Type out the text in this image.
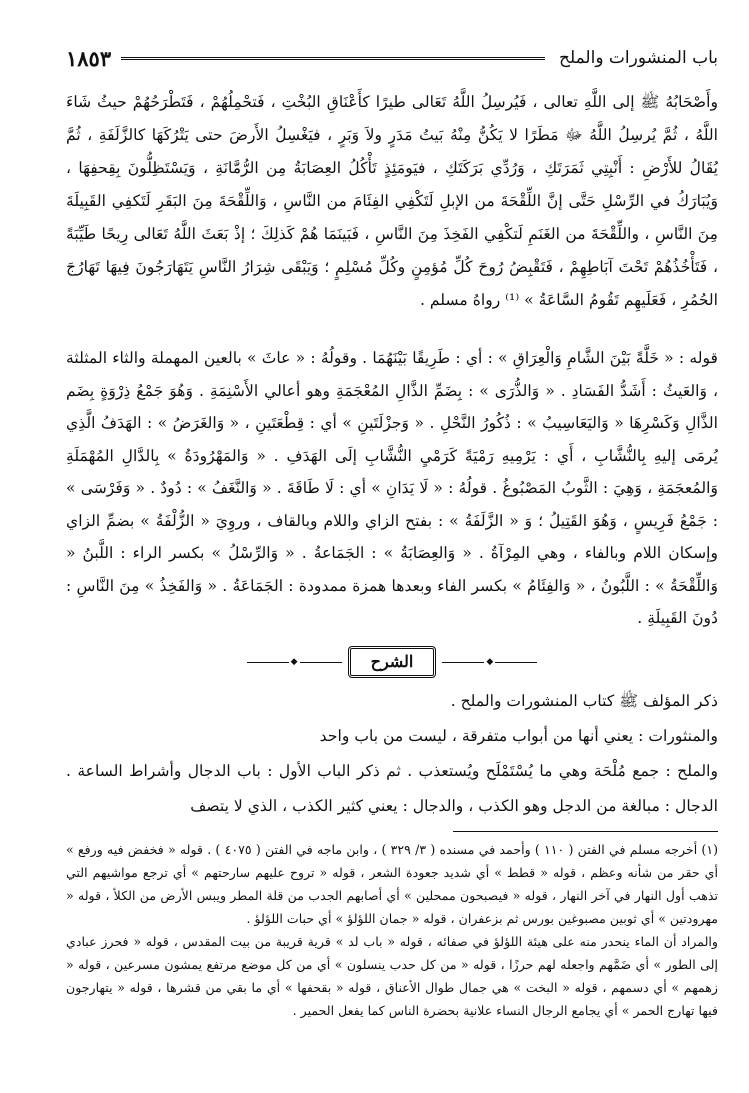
باب المنشورات والملح
١٨٥٣

وأَصْحَابُهُ ﷺ إلى اللَّهِ تعالى ، فَيُرسِلُ اللَّهُ تَعَالى طيرًا كأَعْنَاقِ البُخْتِ ، فَتحْمِلُهُمْ ، فَتَطْرَحُهُمْ حيثُ شَاءَ اللَّهُ ، ثُمَّ يُرسِلُ اللَّهُ ﷻ مَطَرًا لا يَكُنُّ مِنْهُ بَيتُ مَدَرٍ ولاَ وَبَرٍ ، فيَغْسِلُ الأَرضَ حتى يَتْرُكَهَا كالزَّلَفَةِ ، ثُمَّ يُقَالُ للأَرْضِ : أَنْبِتِي ثَمَرَتَكِ ، وَرُدِّي بَرَكَتَكِ ، فيَومَئِذٍ تَأْكُلُ العِصَابَةُ مِن الرُّمَّانَةِ ، وَيَسْتَظِلُّونَ بِقِحفِهَا ، وَيُبَارَكُ في الرِّسْلِ حَتَّى إنَّ اللِّقْحَةَ من الإبلِ لَتَكْفِي الفِئَامَ من النَّاسِ ، وَاللِّقْحَةَ مِنَ البَقَرِ لَتَكفِي القَبِيلَةَ مِنَ النَّاسِ ، واللِّقْحَةَ من الغَنَمِ لَتكْفِي الفَخِذَ مِنَ النَّاسِ ، فَبَينَمَا هُمْ كَذلِكَ ؛ إذْ بَعَثَ اللَّهُ تَعَالى رِيحًا طَيِّبَةً ، فَتَأْخُذُهُمْ تَحْتَ آبَاطِهِمْ ، فَتَقْبِضُ رُوحَ كُلِّ مُؤمِنٍ وكُلِّ مُسْلِمٍ ؛ وَيَبْقَى شِرَارُ النَّاسِ يَتَهَارَجُونَ فِيهَا تَهَارُجَ الحُمُرِ ، فَعَلَيهِم تَقُومُ السَّاعَةُ » ⁽¹⁾ رواهُ مسلم .

قوله : « خَلَّةً بَيْنَ الشَّامِ وَالْعِرَاقِ » : أي : طَرِيقًا بَيْنَهُمَا . وقولُهُ : « عاثَ » بالعين المهملة والثاء المثلثة ، وَالعَيثُ : أَشَدُّ الفَسَادِ . « وَالذُّرَى » : بِضَمِّ الذَّالِ المُعْجَمَةِ وهو أعالي الأَسْنِمَةِ . وَهُوَ جَمْعُ ذِرْوَةٍ بِضَم الذَّالِ وَكَسْرِهَا « وَاليَعَاسِيبُ » : ذُكُورُ النَّحْلِ . « وَجزْلَتَينِ » أي : قِطْعَتَينِ ، « وَالغَرَضُ » : الهَدَفُ الَّذِي يُرمَى إليهِ بِالنُّشَّابِ ، أَي : يَرْمِيهِ رَمْيَةً كَرَمْيِ النُّشَّابِ إلَى الهَدَفِ . « وَالمَهْرُودَةُ » بِالدَّالِ المُهْمَلَةِ وَالمُعجَمَةِ ، وَهِيَ : الثَّوبُ المَصْبُوغُ . قولُهُ : « لَا يَدَانِ » أي : لَا طَاقَةَ . « وَالنَّغَفُ » : دُودٌ . « وَفَرْسَى » : جَمْعُ فَرِيسٍ ، وَهُوَ القَتِيلُ ؛ وَ « الزَّلَفَةُ » : بفتح الزاي واللام وبالقاف ، وروِيَ « الزُّلْفَةُ » بضمِّ الزاي وإسكان اللام وبالفاء ، وهي المِرْآةُ . « وَالعِصَابَةُ » : الجَمَاعةُ . « وَالرِّسْلُ » بكسر الراء : اللَّبنُ « وَاللِّقْحَةُ » : اللَّبُونُ ، « وَالفِئَامُ » بكسر الفاء وبعدها همزة ممدودة : الجَمَاعَةُ . « وَالفَخِذُ » مِنَ النَّاسِ : دُونَ القَبِيلَةِ .

◆	الشرح	◆

ذكر المؤلف ﷺ كتاب المنشورات والملح .

والمنثورات : يعني أنها من أبواب متفرقة ، ليست من باب واحد

والملح : جمع مُلْحَة وهي ما يُسْتَمْلَح ويُستعذب . ثم ذكر الباب الأول : باب الدجال وأشراط الساعة . الدجال : مبالغة من الدجل وهو الكذب ، والدجال : يعني كثير الكذب ، الذي لا يتصف

(١) أخرجه مسلم في الفتن ( ١١٠ ) وأحمد في مسنده ( ٣/ ٣٢٩ ) ، وابن ماجه في الفتن ( ٤٠٧٥ ) . قوله « فخفض فيه ورفع » أي حقر من شأنه وعظم ، قوله « قطط » أي شديد جعودة الشعر ، قوله « تروح عليهم سارحتهم » أي ترجع مواشيهم التي تذهب أول النهار في آخر النهار ، قوله « فيصبحون ممحلين » أي أصابهم الجدب من قلة المطر ويبس الأرض من الكلأ ، قوله « مهرودتين » أي ثوبين مصبوغين بورس ثم بزعفران ، قوله « جمان اللؤلؤ » أي حبات اللؤلؤ .

والمراد أن الماء ينحدر منه على هيئة اللؤلؤ في صفائه ، قوله « باب لد » قرية قريبة من بيت المقدس ، قوله « فحرز عبادي إلى الطور » أي ضَمَّهم واجعله لهم حرزًا ، قوله « من كل حدب ينسلون » أي من كل موضع مرتفع يمشون مسرعين ، قوله « زهمهم » أي دسمهم ، قوله « البخت » هي جمال طوال الأعناق ، قوله « بقحفها » أي ما بقي من قشرها ، قوله « يتهارجون فيها تهارج الحمر » أي يجامع الرجال النساء علانية بحضرة الناس كما يفعل الحمير .
